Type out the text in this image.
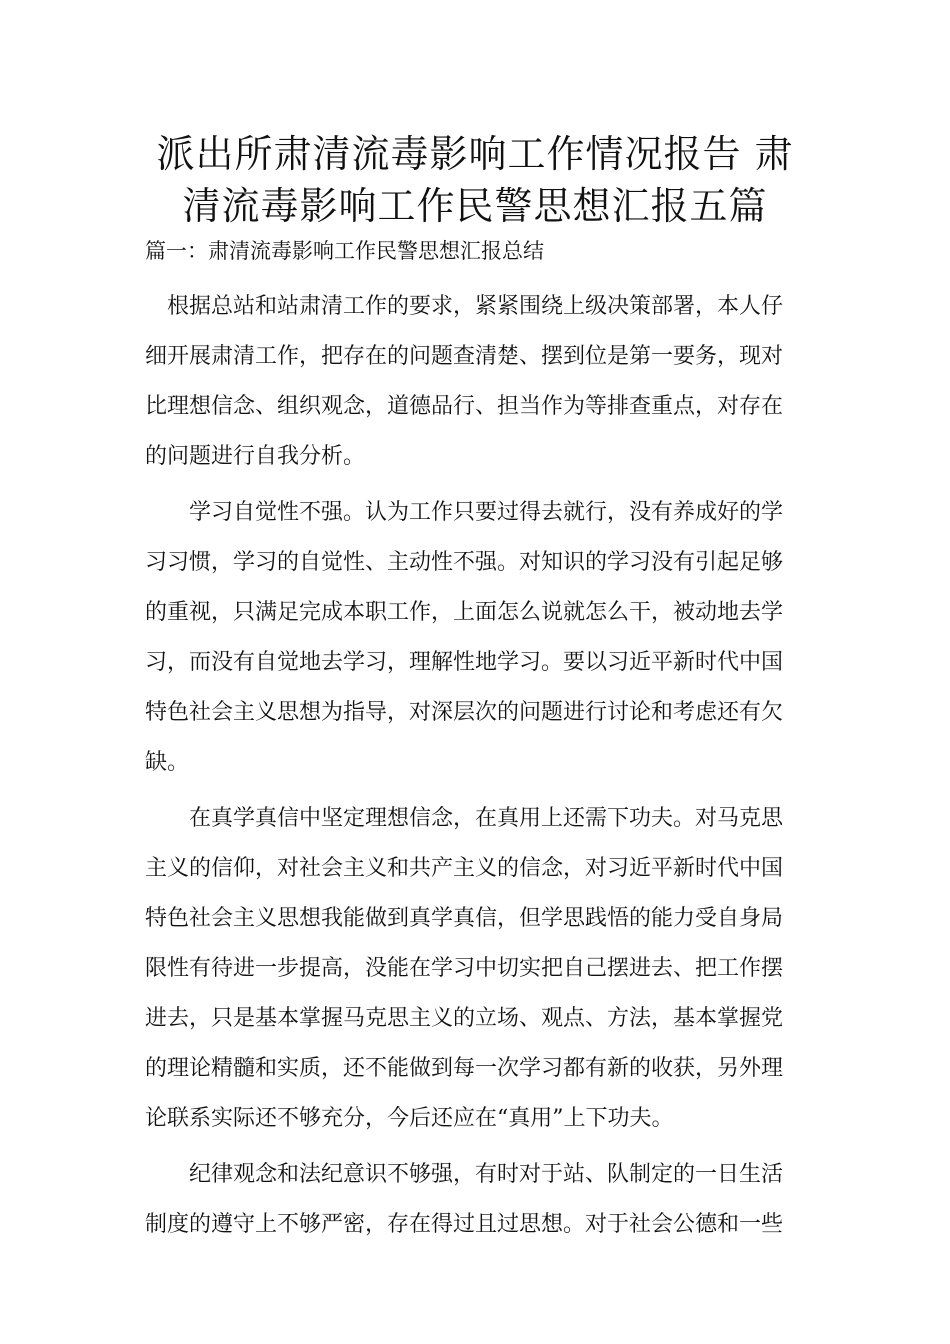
派出所肃清流毒影响工作情况报告 肃
清流毒影响工作民警思想汇报五篇
篇一：肃清流毒影响工作民警思想汇报总结

根据总站和站肃清工作的要求，紧紧围绕上级决策部署，本人仔
细开展肃清工作，把存在的问题查清楚、摆到位是第一要务，现对
比理想信念、组织观念，道德品行、担当作为等排查重点，对存在
的问题进行自我分析。

学习自觉性不强。认为工作只要过得去就行，没有养成好的学
习习惯，学习的自觉性、主动性不强。对知识的学习没有引起足够
的重视，只满足完成本职工作，上面怎么说就怎么干，被动地去学
习，而没有自觉地去学习，理解性地学习。要以习近平新时代中国
特色社会主义思想为指导，对深层次的问题进行讨论和考虑还有欠
缺。

在真学真信中坚定理想信念，在真用上还需下功夫。对马克思
主义的信仰，对社会主义和共产主义的信念，对习近平新时代中国
特色社会主义思想我能做到真学真信，但学思践悟的能力受自身局
限性有待进一步提高，没能在学习中切实把自己摆进去、把工作摆
进去，只是基本掌握马克思主义的立场、观点、方法，基本掌握党
的理论精髓和实质，还不能做到每一次学习都有新的收获，另外理
论联系实际还不够充分，今后还应在“真用”上下功夫。

纪律观念和法纪意识不够强，有时对于站、队制定的一日生活
制度的遵守上不够严密，存在得过且过思想。对于社会公德和一些
